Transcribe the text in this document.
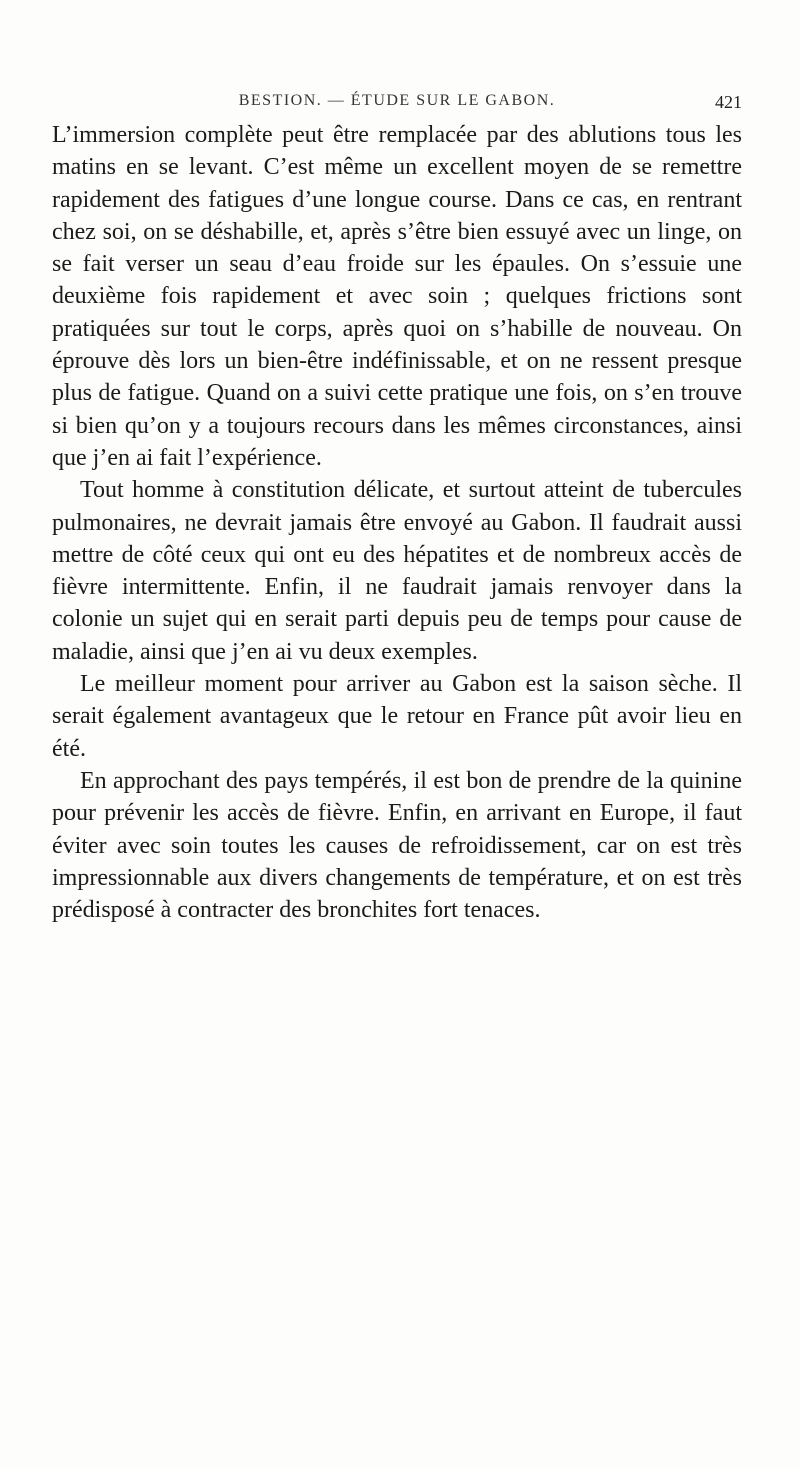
BESTION. — ÉTUDE SUR LE GABON.	421

L’immersion complète peut être remplacée par des ablutions tous les matins en se levant. C’est même un excellent moyen de se remettre rapidement des fatigues d’une longue course. Dans ce cas, en rentrant chez soi, on se déshabille, et, après s’être bien essuyé avec un linge, on se fait verser un seau d’eau froide sur les épaules. On s’essuie une deuxième fois rapidement et avec soin ; quelques frictions sont pratiquées sur tout le corps, après quoi on s’habille de nouveau. On éprouve dès lors un bien-être indéfinissable, et on ne ressent presque plus de fatigue. Quand on a suivi cette pratique une fois, on s’en trouve si bien qu’on y a toujours recours dans les mêmes circonstances, ainsi que j’en ai fait l’expérience.

Tout homme à constitution délicate, et surtout atteint de tubercules pulmonaires, ne devrait jamais être envoyé au Gabon. Il faudrait aussi mettre de côté ceux qui ont eu des hépatites et de nombreux accès de fièvre intermittente. Enfin, il ne faudrait jamais renvoyer dans la colonie un sujet qui en serait parti depuis peu de temps pour cause de maladie, ainsi que j’en ai vu deux exemples.

Le meilleur moment pour arriver au Gabon est la saison sèche. Il serait également avantageux que le retour en France pût avoir lieu en été.

En approchant des pays tempérés, il est bon de prendre de la quinine pour prévenir les accès de fièvre. Enfin, en arrivant en Europe, il faut éviter avec soin toutes les causes de refroidissement, car on est très impressionnable aux divers changements de température, et on est très prédisposé à contracter des bronchites fort tenaces.
